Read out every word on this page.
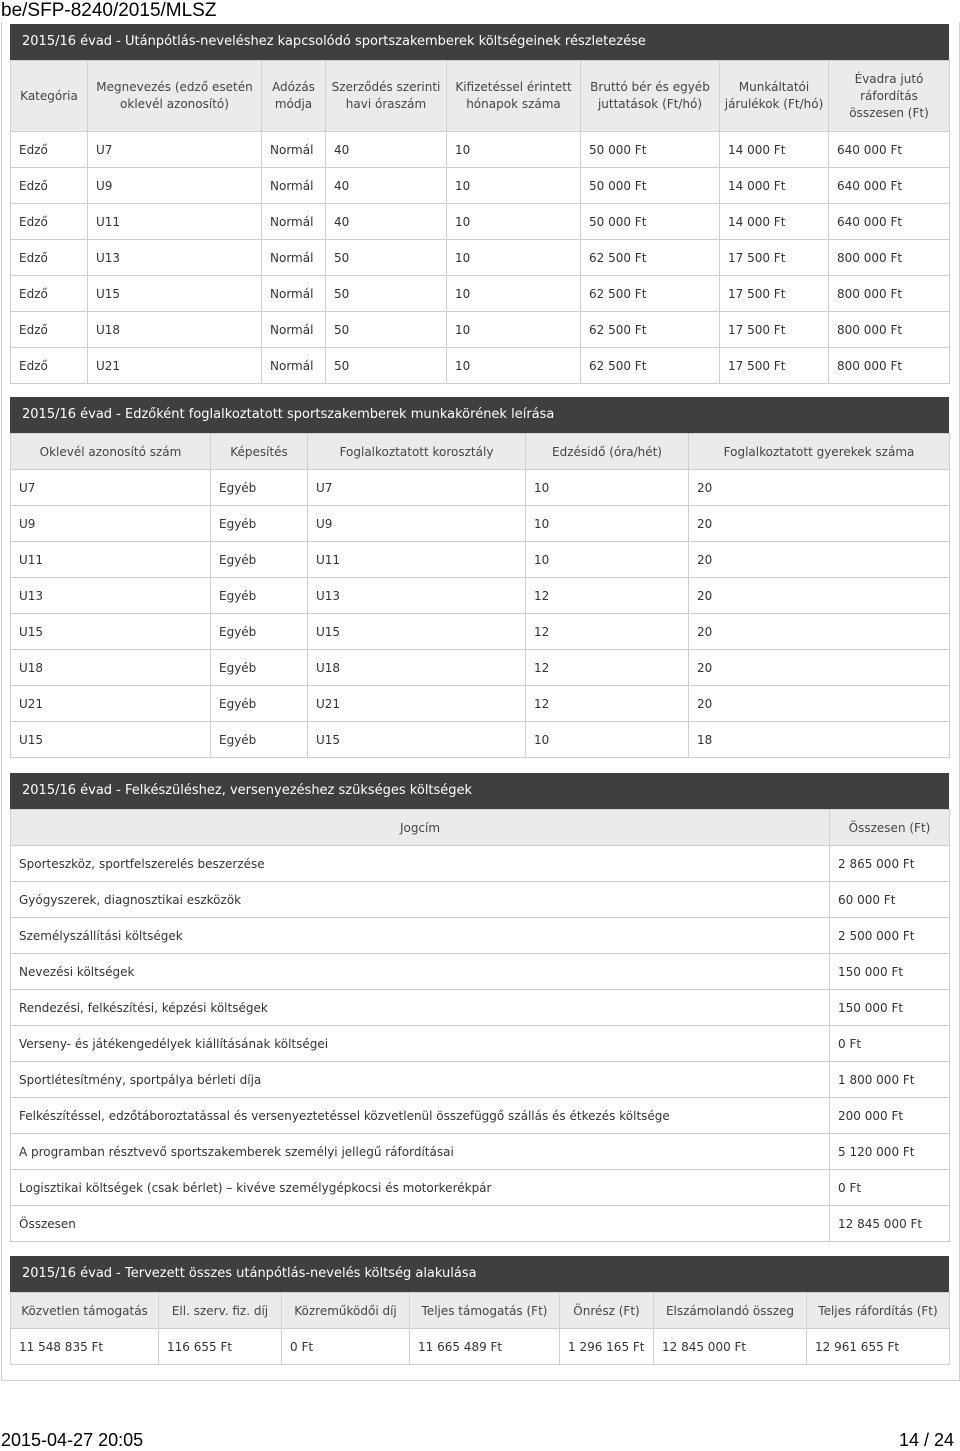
be/SFP-8240/2015/MLSZ
2015/16 évad - Utánpótlás-neveléshez kapcsolódó sportszakemberek költségeinek részletezése
Kategória	Megnevezés (edző esetén oklevél azonosító)	Adózás módja	Szerződés szerinti havi óraszám	Kifizetéssel érintett hónapok száma	Bruttó bér és egyéb juttatások (Ft/hó)	Munkáltatói járulékok (Ft/hó)	Évadra jutó ráfordítás összesen (Ft)
Edző	U7	Normál	40	10	50 000 Ft	14 000 Ft	640 000 Ft
Edző	U9	Normál	40	10	50 000 Ft	14 000 Ft	640 000 Ft
Edző	U11	Normál	40	10	50 000 Ft	14 000 Ft	640 000 Ft
Edző	U13	Normál	50	10	62 500 Ft	17 500 Ft	800 000 Ft
Edző	U15	Normál	50	10	62 500 Ft	17 500 Ft	800 000 Ft
Edző	U18	Normál	50	10	62 500 Ft	17 500 Ft	800 000 Ft
Edző	U21	Normál	50	10	62 500 Ft	17 500 Ft	800 000 Ft
2015/16 évad - Edzőként foglalkoztatott sportszakemberek munkakörének leírása
Oklevél azonosító szám	Képesítés	Foglalkoztatott korosztály	Edzésidő (óra/hét)	Foglalkoztatott gyerekek száma
U7	Egyéb	U7	10	20
U9	Egyéb	U9	10	20
U11	Egyéb	U11	10	20
U13	Egyéb	U13	12	20
U15	Egyéb	U15	12	20
U18	Egyéb	U18	12	20
U21	Egyéb	U21	12	20
U15	Egyéb	U15	10	18
2015/16 évad - Felkészüléshez, versenyezéshez szükséges költségek
Jogcím	Összesen (Ft)
Sporteszköz, sportfelszerelés beszerzése	2 865 000 Ft
Gyógyszerek, diagnosztikai eszközök	60 000 Ft
Személyszállítási költségek	2 500 000 Ft
Nevezési költségek	150 000 Ft
Rendezési, felkészítési, képzési költségek	150 000 Ft
Verseny- és játékengedélyek kiállításának költségei	0 Ft
Sportlétesítmény, sportpálya bérleti díja	1 800 000 Ft
Felkészítéssel, edzőtáboroztatással és versenyeztetéssel közvetlenül összefüggő szállás és étkezés költsége	200 000 Ft
A programban résztvevő sportszakemberek személyi jellegű ráfordításai	5 120 000 Ft
Logisztikai költségek (csak bérlet) – kivéve személygépkocsi és motorkerékpár	0 Ft
Összesen	12 845 000 Ft
2015/16 évad - Tervezett összes utánpótlás-nevelés költség alakulása
Közvetlen támogatás	Ell. szerv. fiz. díj	Közreműködői díj	Teljes támogatás (Ft)	Önrész (Ft)	Elszámolandó összeg	Teljes ráfordítás (Ft)
11 548 835 Ft	116 655 Ft	0 Ft	11 665 489 Ft	1 296 165 Ft	12 845 000 Ft	12 961 655 Ft
2015-04-27 20:05	14 / 24
